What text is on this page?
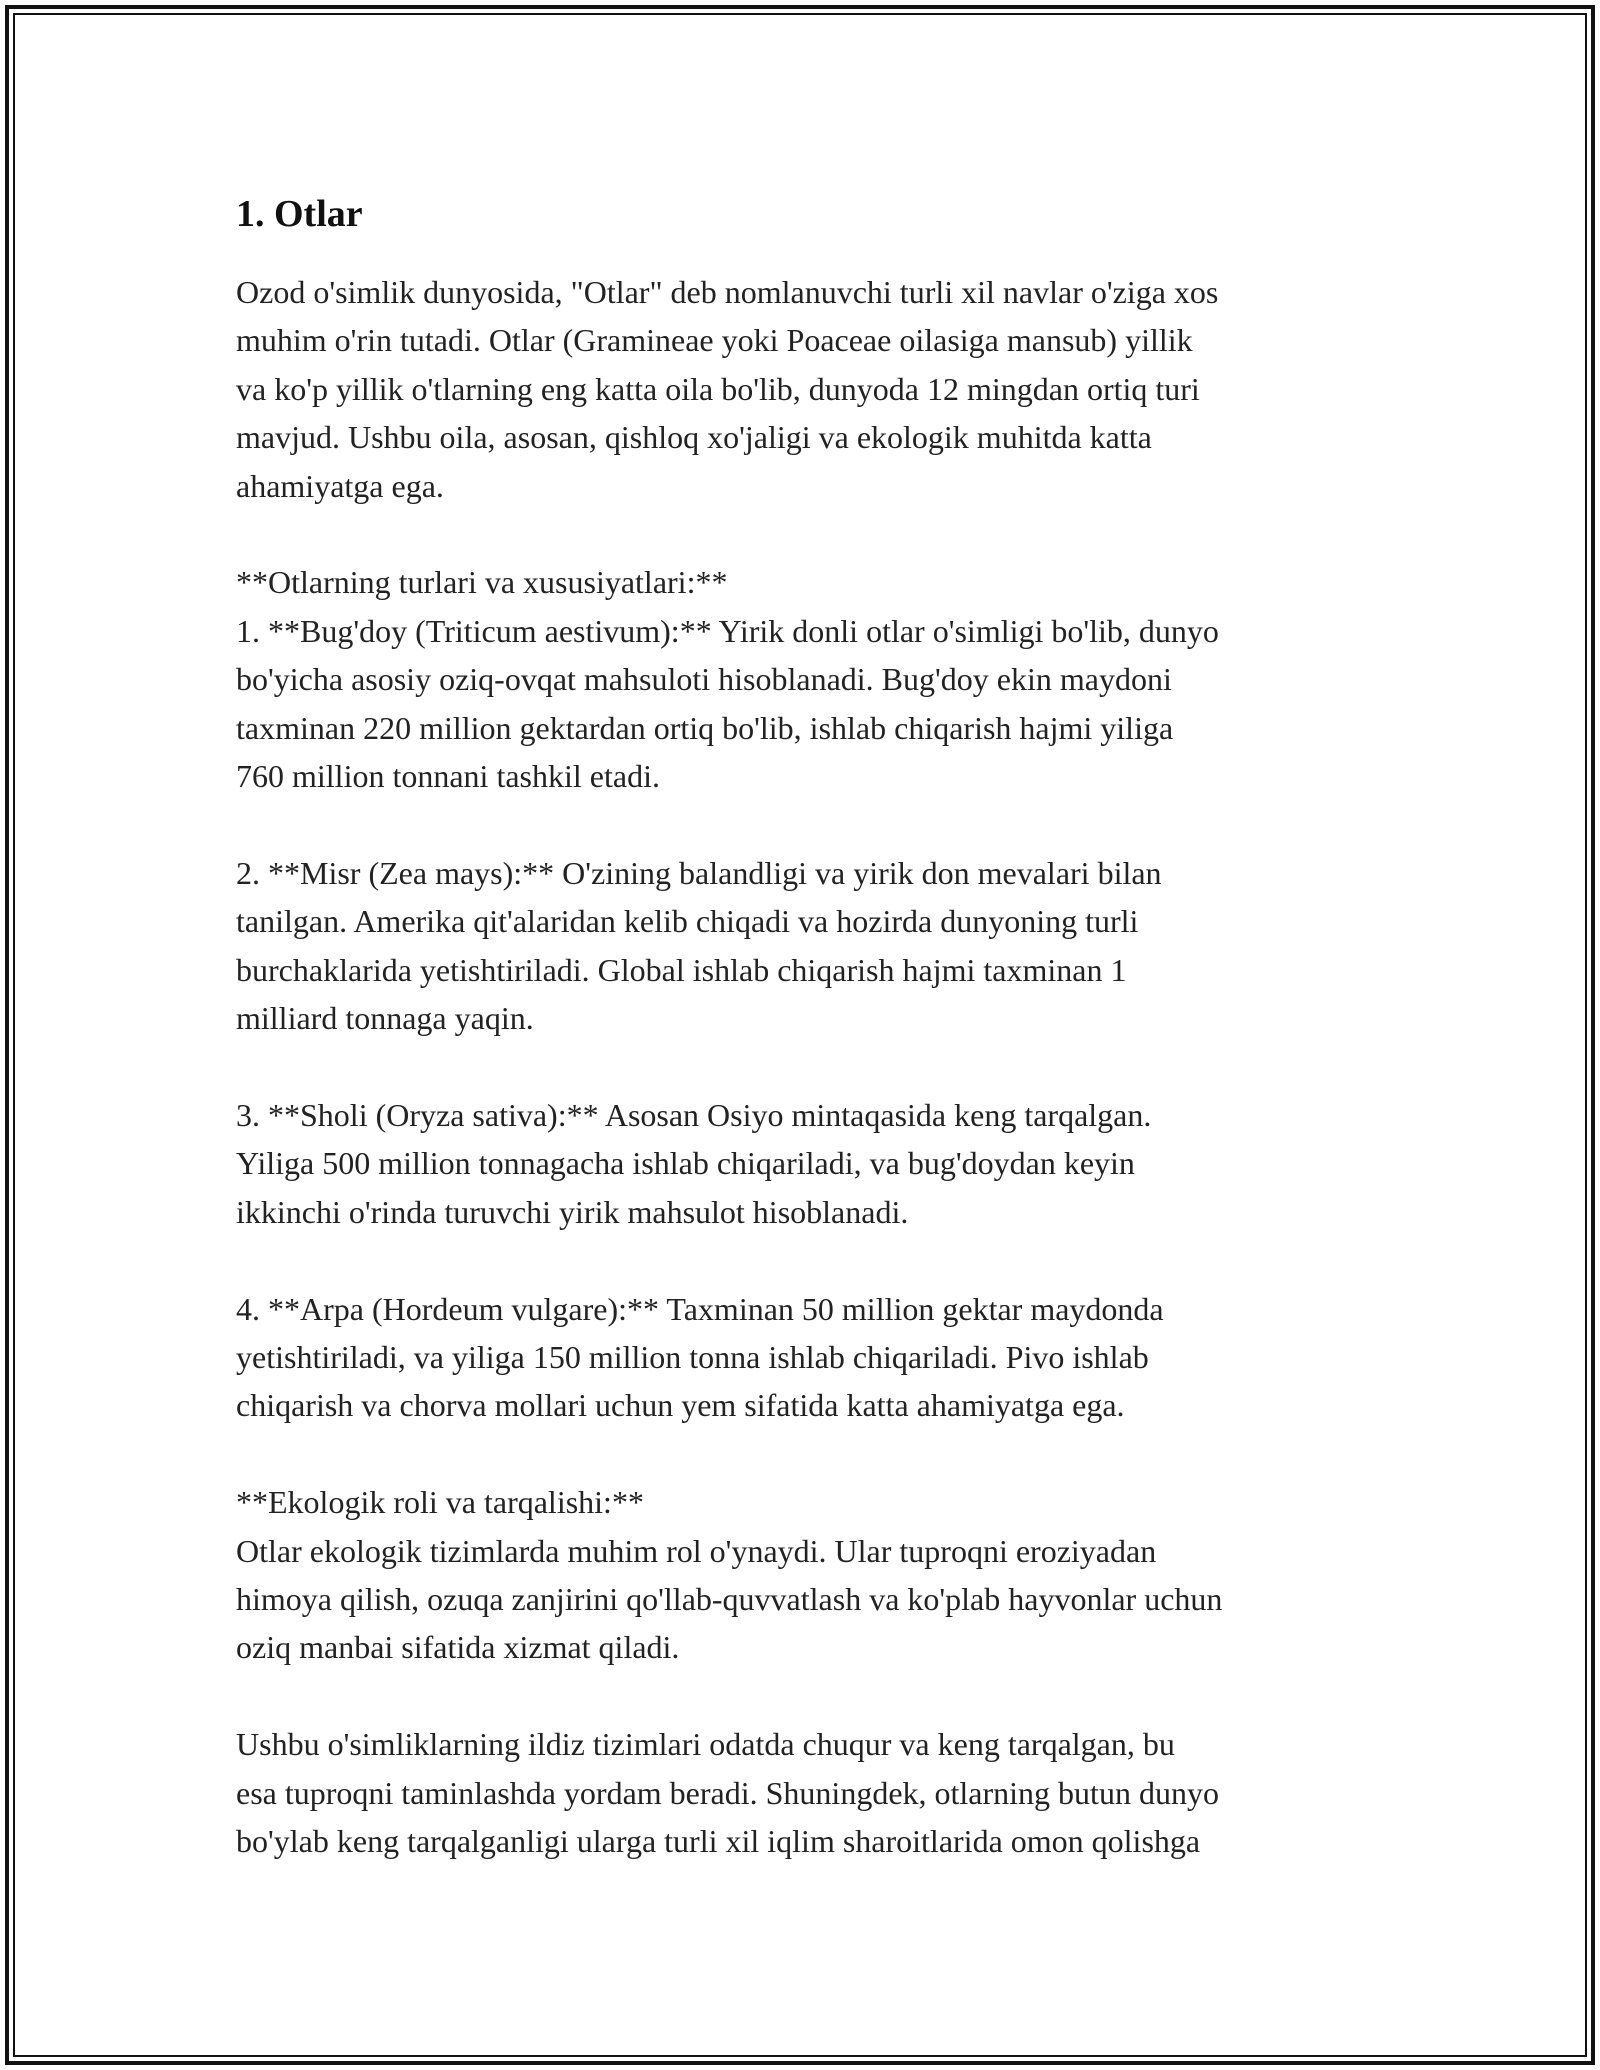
1. Otlar

Ozod o'simlik dunyosida, "Otlar" deb nomlanuvchi turli xil navlar o'ziga xos
muhim o'rin tutadi. Otlar (Gramineae yoki Poaceae oilasiga mansub) yillik
va ko'p yillik o'tlarning eng katta oila bo'lib, dunyoda 12 mingdan ortiq turi
mavjud. Ushbu oila, asosan, qishloq xo'jaligi va ekologik muhitda katta
ahamiyatga ega.

**Otlarning turlari va xususiyatlari:**
1. **Bug'doy (Triticum aestivum):** Yirik donli otlar o'simligi bo'lib, dunyo
bo'yicha asosiy oziq-ovqat mahsuloti hisoblanadi. Bug'doy ekin maydoni
taxminan 220 million gektardan ortiq bo'lib, ishlab chiqarish hajmi yiliga
760 million tonnani tashkil etadi.

2. **Misr (Zea mays):** O'zining balandligi va yirik don mevalari bilan
tanilgan. Amerika qit'alaridan kelib chiqadi va hozirda dunyoning turli
burchaklarida yetishtiriladi. Global ishlab chiqarish hajmi taxminan 1
milliard tonnaga yaqin.

3. **Sholi (Oryza sativa):** Asosan Osiyo mintaqasida keng tarqalgan.
Yiliga 500 million tonnagacha ishlab chiqariladi, va bug'doydan keyin
ikkinchi o'rinda turuvchi yirik mahsulot hisoblanadi.

4. **Arpa (Hordeum vulgare):** Taxminan 50 million gektar maydonda
yetishtiriladi, va yiliga 150 million tonna ishlab chiqariladi. Pivo ishlab
chiqarish va chorva mollari uchun yem sifatida katta ahamiyatga ega.

**Ekologik roli va tarqalishi:**
Otlar ekologik tizimlarda muhim rol o'ynaydi. Ular tuproqni eroziyadan
himoya qilish, ozuqa zanjirini qo'llab-quvvatlash va ko'plab hayvonlar uchun
oziq manbai sifatida xizmat qiladi.

Ushbu o'simliklarning ildiz tizimlari odatda chuqur va keng tarqalgan, bu
esa tuproqni taminlashda yordam beradi. Shuningdek, otlarning butun dunyo
bo'ylab keng tarqalganligi ularga turli xil iqlim sharoitlarida omon qolishga
